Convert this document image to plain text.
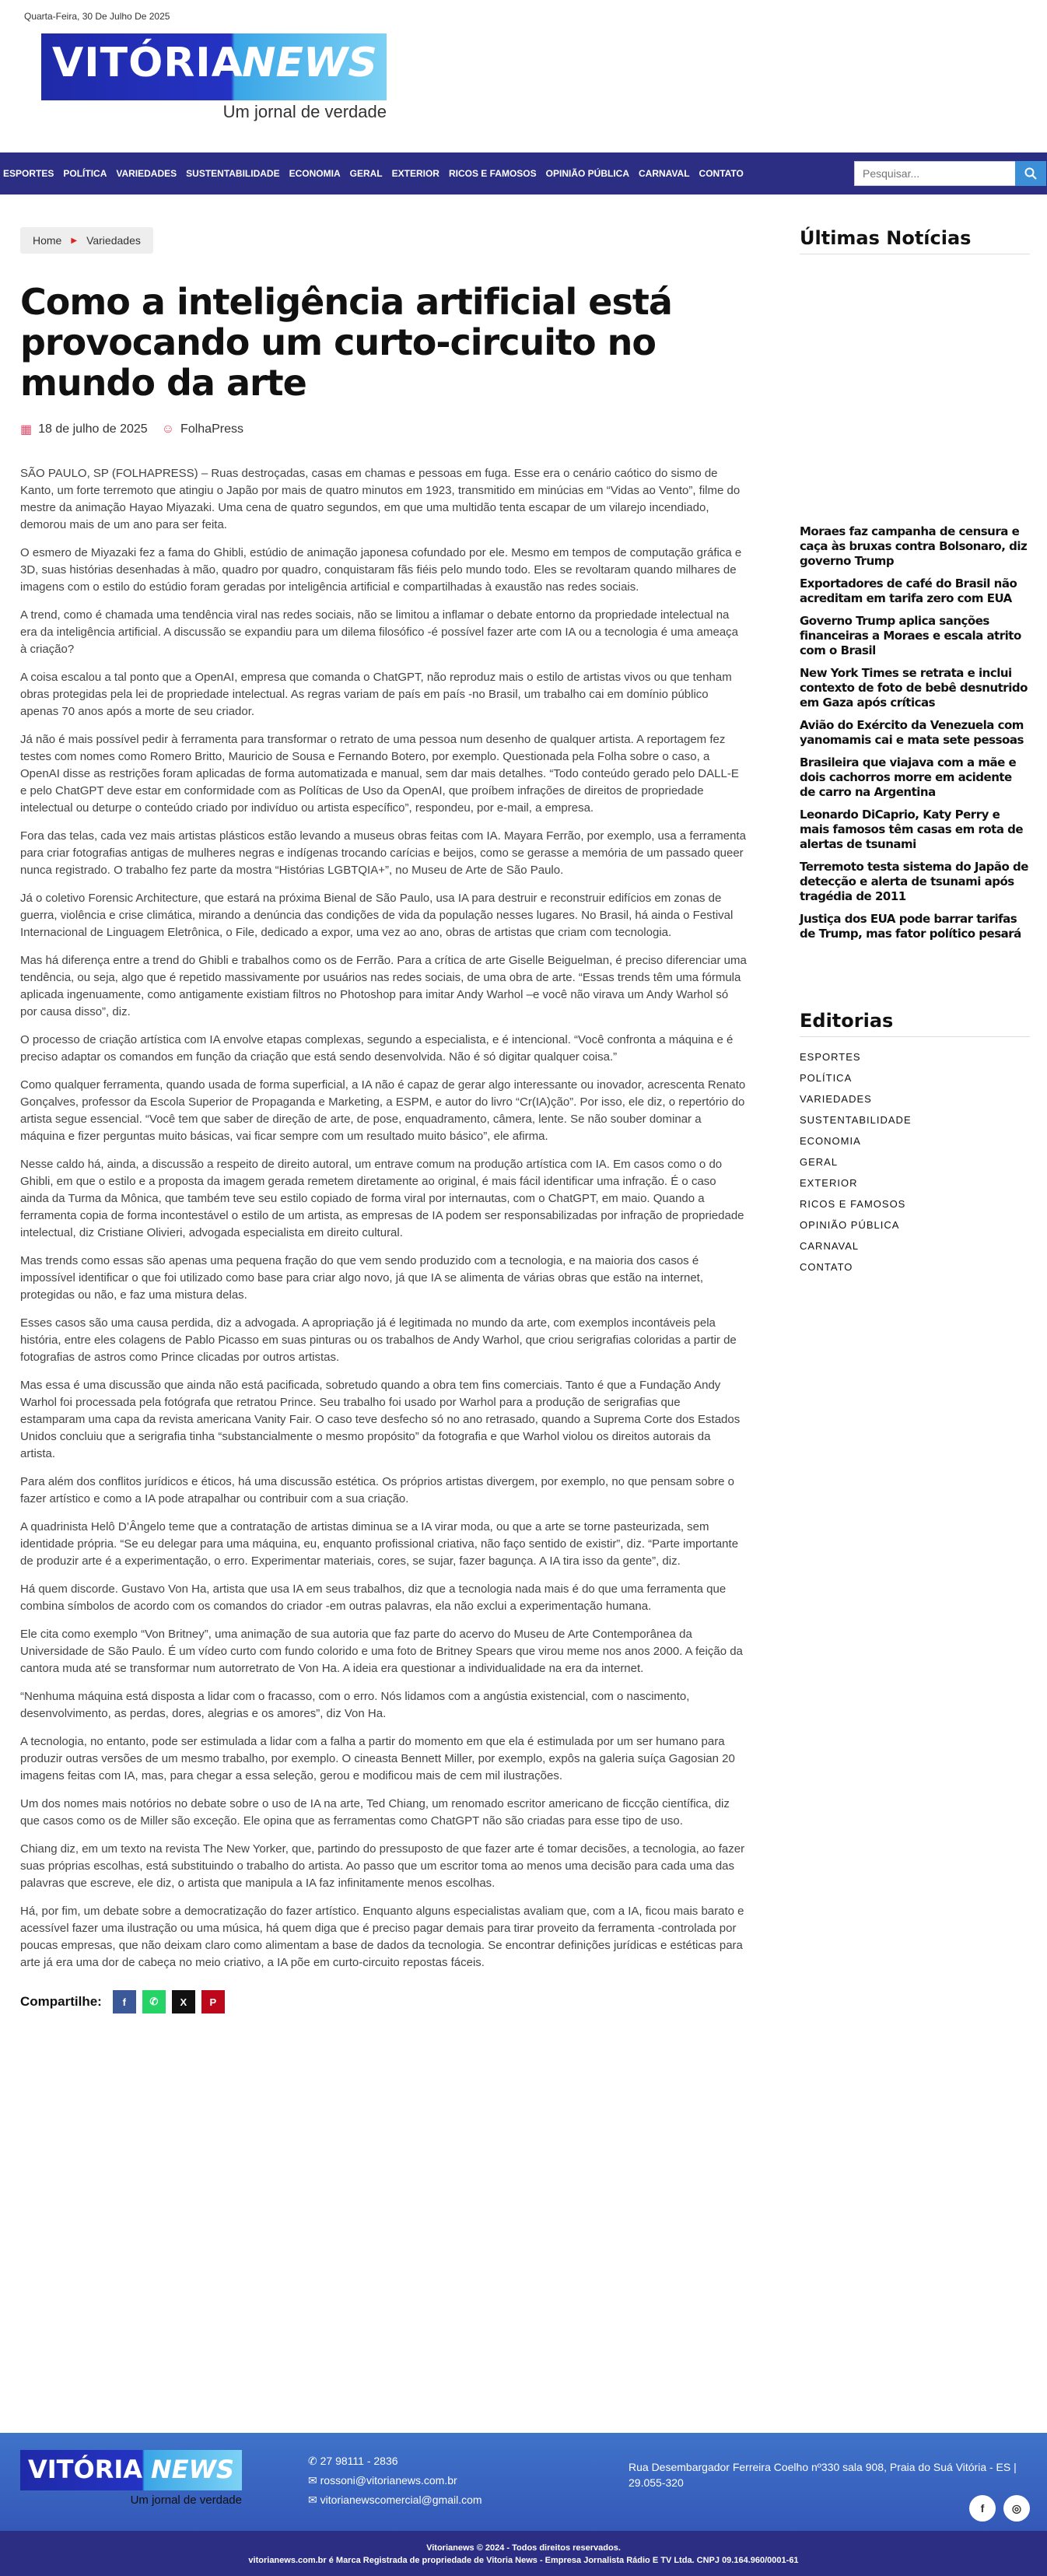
Quarta-Feira, 30 De Julho De 2025
VITÓRIA
NEWS
Um jornal de verdade
ESPORTES POLÍTICA VARIEDADES SUSTENTABILIDADE ECONOMIA GERAL EXTERIOR RICOS E FAMOSOS OPINIÃO PÚBLICA CARNAVAL CONTATO
Pesquisar...
Home ▶ Variedades
Como a inteligência artificial está provocando um curto-circuito no mundo da arte
▦ 18 de julho de 2025 ☺ FolhaPress

SÃO PAULO, SP (FOLHAPRESS) – Ruas destroçadas, casas em chamas e pessoas em fuga. Esse era o cenário caótico do sismo de Kanto, um forte terremoto que atingiu o Japão por mais de quatro minutos em 1923, transmitido em minúcias em “Vidas ao Vento”, filme do mestre da animação Hayao Miyazaki. Uma cena de quatro segundos, em que uma multidão tenta escapar de um vilarejo incendiado, demorou mais de um ano para ser feita.

O esmero de Miyazaki fez a fama do Ghibli, estúdio de animação japonesa cofundado por ele. Mesmo em tempos de computação gráfica e 3D, suas histórias desenhadas à mão, quadro por quadro, conquistaram fãs fiéis pelo mundo todo. Eles se revoltaram quando milhares de imagens com o estilo do estúdio foram geradas por inteligência artificial e compartilhadas à exaustão nas redes sociais.

A trend, como é chamada uma tendência viral nas redes sociais, não se limitou a inflamar o debate entorno da propriedade intelectual na era da inteligência artificial. A discussão se expandiu para um dilema filosófico -é possível fazer arte com IA ou a tecnologia é uma ameaça à criação?

A coisa escalou a tal ponto que a OpenAI, empresa que comanda o ChatGPT, não reproduz mais o estilo de artistas vivos ou que tenham obras protegidas pela lei de propriedade intelectual. As regras variam de país em país -no Brasil, um trabalho cai em domínio público apenas 70 anos após a morte de seu criador.

Já não é mais possível pedir à ferramenta para transformar o retrato de uma pessoa num desenho de qualquer artista. A reportagem fez testes com nomes como Romero Britto, Mauricio de Sousa e Fernando Botero, por exemplo. Questionada pela Folha sobre o caso, a OpenAI disse as restrições foram aplicadas de forma automatizada e manual, sem dar mais detalhes. “Todo conteúdo gerado pelo DALL-E e pelo ChatGPT deve estar em conformidade com as Políticas de Uso da OpenAI, que proíbem infrações de direitos de propriedade intelectual ou deturpe o conteúdo criado por indivíduo ou artista específico”, respondeu, por e-mail, a empresa.

Fora das telas, cada vez mais artistas plásticos estão levando a museus obras feitas com IA. Mayara Ferrão, por exemplo, usa a ferramenta para criar fotografias antigas de mulheres negras e indígenas trocando carícias e beijos, como se gerasse a memória de um passado queer nunca registrado. O trabalho fez parte da mostra “Histórias LGBTQIA+”, no Museu de Arte de São Paulo.

Já o coletivo Forensic Architecture, que estará na próxima Bienal de São Paulo, usa IA para destruir e reconstruir edifícios em zonas de guerra, violência e crise climática, mirando a denúncia das condições de vida da população nesses lugares. No Brasil, há ainda o Festival Internacional de Linguagem Eletrônica, o File, dedicado a expor, uma vez ao ano, obras de artistas que criam com tecnologia.

Mas há diferença entre a trend do Ghibli e trabalhos como os de Ferrão. Para a crítica de arte Giselle Beiguelman, é preciso diferenciar uma tendência, ou seja, algo que é repetido massivamente por usuários nas redes sociais, de uma obra de arte. “Essas trends têm uma fórmula aplicada ingenuamente, como antigamente existiam filtros no Photoshop para imitar Andy Warhol –e você não virava um Andy Warhol só por causa disso”, diz.

O processo de criação artística com IA envolve etapas complexas, segundo a especialista, e é intencional. “Você confronta a máquina e é preciso adaptar os comandos em função da criação que está sendo desenvolvida. Não é só digitar qualquer coisa.”

Como qualquer ferramenta, quando usada de forma superficial, a IA não é capaz de gerar algo interessante ou inovador, acrescenta Renato Gonçalves, professor da Escola Superior de Propaganda e Marketing, a ESPM, e autor do livro “Cr(IA)ção”. Por isso, ele diz, o repertório do artista segue essencial. “Você tem que saber de direção de arte, de pose, enquadramento, câmera, lente. Se não souber dominar a máquina e fizer perguntas muito básicas, vai ficar sempre com um resultado muito básico”, ele afirma.

Nesse caldo há, ainda, a discussão a respeito de direito autoral, um entrave comum na produção artística com IA. Em casos como o do Ghibli, em que o estilo e a proposta da imagem gerada remetem diretamente ao original, é mais fácil identificar uma infração. É o caso ainda da Turma da Mônica, que também teve seu estilo copiado de forma viral por internautas, com o ChatGPT, em maio. Quando a ferramenta copia de forma incontestável o estilo de um artista, as empresas de IA podem ser responsabilizadas por infração de propriedade intelectual, diz Cristiane Olivieri, advogada especialista em direito cultural.

Mas trends como essas são apenas uma pequena fração do que vem sendo produzido com a tecnologia, e na maioria dos casos é impossível identificar o que foi utilizado como base para criar algo novo, já que IA se alimenta de várias obras que estão na internet, protegidas ou não, e faz uma mistura delas.

Esses casos são uma causa perdida, diz a advogada. A apropriação já é legitimada no mundo da arte, com exemplos incontáveis pela história, entre eles colagens de Pablo Picasso em suas pinturas ou os trabalhos de Andy Warhol, que criou serigrafias coloridas a partir de fotografias de astros como Prince clicadas por outros artistas.

Mas essa é uma discussão que ainda não está pacificada, sobretudo quando a obra tem fins comerciais. Tanto é que a Fundação Andy Warhol foi processada pela fotógrafa que retratou Prince. Seu trabalho foi usado por Warhol para a produção de serigrafias que estamparam uma capa da revista americana Vanity Fair. O caso teve desfecho só no ano retrasado, quando a Suprema Corte dos Estados Unidos concluiu que a serigrafia tinha “substancialmente o mesmo propósito” da fotografia e que Warhol violou os direitos autorais da artista.

Para além dos conflitos jurídicos e éticos, há uma discussão estética. Os próprios artistas divergem, por exemplo, no que pensam sobre o fazer artístico e como a IA pode atrapalhar ou contribuir com a sua criação.

A quadrinista Helô D’Ângelo teme que a contratação de artistas diminua se a IA virar moda, ou que a arte se torne pasteurizada, sem identidade própria. “Se eu delegar para uma máquina, eu, enquanto profissional criativa, não faço sentido de existir”, diz. “Parte importante de produzir arte é a experimentação, o erro. Experimentar materiais, cores, se sujar, fazer bagunça. A IA tira isso da gente”, diz.

Há quem discorde. Gustavo Von Ha, artista que usa IA em seus trabalhos, diz que a tecnologia nada mais é do que uma ferramenta que combina símbolos de acordo com os comandos do criador -em outras palavras, ela não exclui a experimentação humana.

Ele cita como exemplo “Von Britney”, uma animação de sua autoria que faz parte do acervo do Museu de Arte Contemporânea da Universidade de São Paulo. É um vídeo curto com fundo colorido e uma foto de Britney Spears que virou meme nos anos 2000. A feição da cantora muda até se transformar num autorretrato de Von Ha. A ideia era questionar a individualidade na era da internet.

“Nenhuma máquina está disposta a lidar com o fracasso, com o erro. Nós lidamos com a angústia existencial, com o nascimento, desenvolvimento, as perdas, dores, alegrias e os amores”, diz Von Ha.

A tecnologia, no entanto, pode ser estimulada a lidar com a falha a partir do momento em que ela é estimulada por um ser humano para produzir outras versões de um mesmo trabalho, por exemplo. O cineasta Bennett Miller, por exemplo, expôs na galeria suíça Gagosian 20 imagens feitas com IA, mas, para chegar a essa seleção, gerou e modificou mais de cem mil ilustrações.

Um dos nomes mais notórios no debate sobre o uso de IA na arte, Ted Chiang, um renomado escritor americano de ficcção científica, diz que casos como os de Miller são exceção. Ele opina que as ferramentas como ChatGPT não são criadas para esse tipo de uso.

Chiang diz, em um texto na revista The New Yorker, que, partindo do pressuposto de que fazer arte é tomar decisões, a tecnologia, ao fazer suas próprias escolhas, está substituindo o trabalho do artista. Ao passo que um escritor toma ao menos uma decisão para cada uma das palavras que escreve, ele diz, o artista que manipula a IA faz infinitamente menos escolhas.

Há, por fim, um debate sobre a democratização do fazer artístico. Enquanto alguns especialistas avaliam que, com a IA, ficou mais barato e acessível fazer uma ilustração ou uma música, há quem diga que é preciso pagar demais para tirar proveito da ferramenta -controlada por poucas empresas, que não deixam claro como alimentam a base de dados da tecnologia. Se encontrar definições jurídicas e estéticas para arte já era uma dor de cabeça no meio criativo, a IA põe em curto-circuito repostas fáceis.

Compartilhe:	f	✆	X	P
Últimas Notícias
Moraes faz campanha de censura e caça às bruxas contra Bolsonaro, diz governo Trump
Exportadores de café do Brasil não acreditam em tarifa zero com EUA
Governo Trump aplica sanções financeiras a Moraes e escala atrito com o Brasil
New York Times se retrata e inclui contexto de foto de bebê desnutrido em Gaza após críticas
Avião do Exército da Venezuela com yanomamis cai e mata sete pessoas
Brasileira que viajava com a mãe e dois cachorros morre em acidente de carro na Argentina
Leonardo DiCaprio, Katy Perry e mais famosos têm casas em rota de alertas de tsunami
Terremoto testa sistema do Japão de detecção e alerta de tsunami após tragédia de 2011
Justiça dos EUA pode barrar tarifas de Trump, mas fator político pesará
Editorias
ESPORTES
POLÍTICA
VARIEDADES
SUSTENTABILIDADE
ECONOMIA
GERAL
EXTERIOR
RICOS E FAMOSOS
OPINIÃO PÚBLICA
CARNAVAL
CONTATO
VITÓRIA NEWS
Um jornal de verdade
✆ 27 98111 - 2836
✉ rossoni@vitorianews.com.br
✉ vitorianewscomercial@gmail.com
Rua Desembargador Ferreira Coelho nº330 sala 908, Praia do Suá Vitória - ES | 29.055-320
f	◎
Vitorianews © 2024 - Todos direitos reservados.
vitorianews.com.br é Marca Registrada de propriedade de Vitoria News - Empresa Jornalista Rádio E TV Ltda. CNPJ 09.164.960/0001-61
